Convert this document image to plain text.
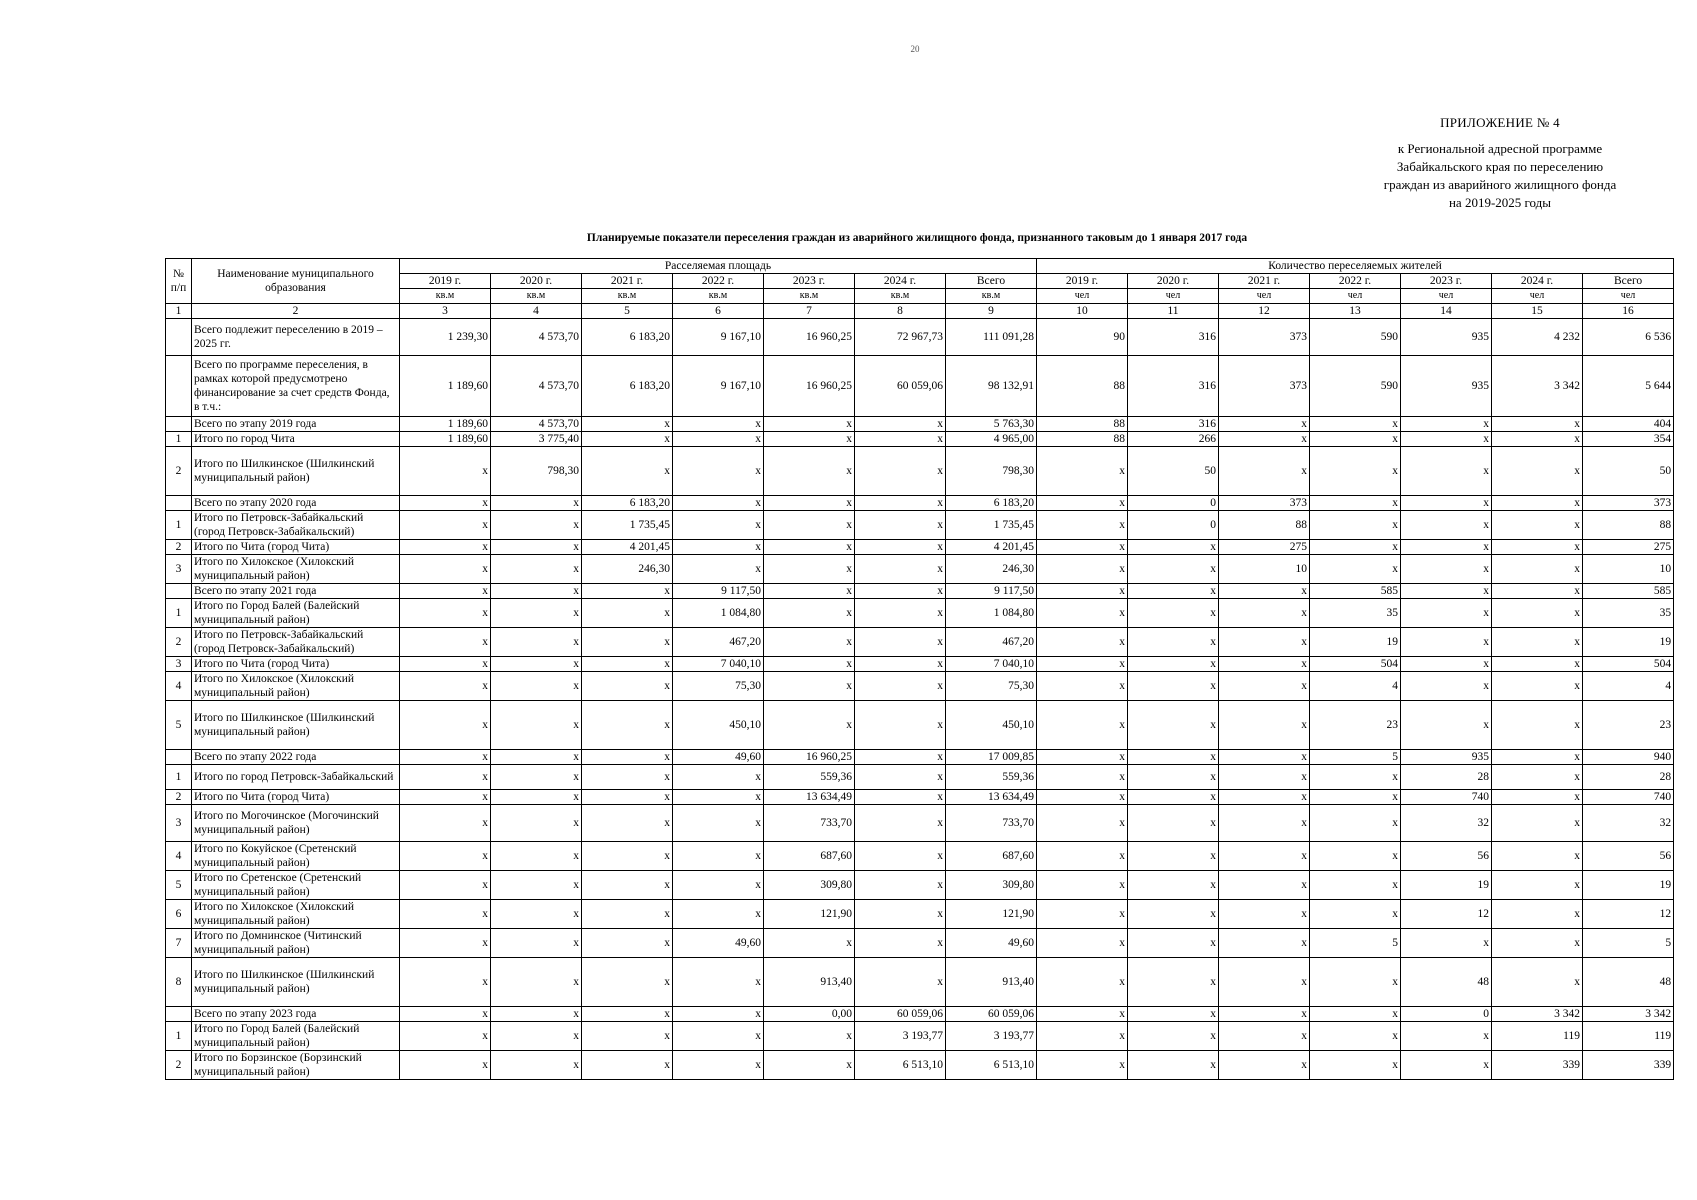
20
ПРИЛОЖЕНИЕ № 4
к Региональной адресной программе
Забайкальского края по переселению
граждан из аварийного жилищного фонда
на 2019-2025 годы
Планируемые показатели переселения граждан из аварийного жилищного фонда, признанного таковым до 1 января 2017 года
№ п/п	Наименование муниципального образования	Расселяемая площадь							Количество переселяемых жителей						
		2019 г.	2020 г.	2021 г.	2022 г.	2023 г.	2024 г.	Всего	2019 г.	2020 г.	2021 г.	2022 г.	2023 г.	2024 г.	Всего
		кв.м	кв.м	кв.м	кв.м	кв.м	кв.м	кв.м	чел	чел	чел	чел	чел	чел	чел
1	2	3	4	5	6	7	8	9	10	11	12	13	14	15	16
	Всего подлежит переселению в 2019 – 2025 гг.	1 239,30	4 573,70	6 183,20	9 167,10	16 960,25	72 967,73	111 091,28	90	316	373	590	935	4 232	6 536
	Всего по программе переселения, в рамках которой предусмотрено финансирование за счет средств Фонда, в т.ч.:	1 189,60	4 573,70	6 183,20	9 167,10	16 960,25	60 059,06	98 132,91	88	316	373	590	935	3 342	5 644
	Всего по этапу 2019 года	1 189,60	4 573,70	x	x	x	x	5 763,30	88	316	x	x	x	x	404
1	Итого по город Чита	1 189,60	3 775,40	x	x	x	x	4 965,00	88	266	x	x	x	x	354
2	Итого по Шилкинское (Шилкинский муниципальный район)	x	798,30	x	x	x	x	798,30	x	50	x	x	x	x	50
	Всего по этапу 2020 года	x	x	6 183,20	x	x	x	6 183,20	x	0	373	x	x	x	373
1	Итого по Петровск-Забайкальский (город Петровск-Забайкальский)	x	x	1 735,45	x	x	x	1 735,45	x	0	88	x	x	x	88
2	Итого по Чита (город Чита)	x	x	4 201,45	x	x	x	4 201,45	x	x	275	x	x	x	275
3	Итого по Хилокское (Хилокский муниципальный район)	x	x	246,30	x	x	x	246,30	x	x	10	x	x	x	10
	Всего по этапу 2021 года	x	x	x	9 117,50	x	x	9 117,50	x	x	x	585	x	x	585
1	Итого по Город Балей (Балейский муниципальный район)	x	x	x	1 084,80	x	x	1 084,80	x	x	x	35	x	x	35
2	Итого по Петровск-Забайкальский (город Петровск-Забайкальский)	x	x	x	467,20	x	x	467,20	x	x	x	19	x	x	19
3	Итого по Чита (город Чита)	x	x	x	7 040,10	x	x	7 040,10	x	x	x	504	x	x	504
4	Итого по Хилокское (Хилокский муниципальный район)	x	x	x	75,30	x	x	75,30	x	x	x	4	x	x	4
5	Итого по Шилкинское (Шилкинский муниципальный район)	x	x	x	450,10	x	x	450,10	x	x	x	23	x	x	23
	Всего по этапу 2022 года	x	x	x	49,60	16 960,25	x	17 009,85	x	x	x	5	935	x	940
1	Итого по город Петровск-Забайкальский	x	x	x	x	559,36	x	559,36	x	x	x	x	28	x	28
2	Итого по Чита (город Чита)	x	x	x	x	13 634,49	x	13 634,49	x	x	x	x	740	x	740
3	Итого по Могочинское (Могочинский муниципальный район)	x	x	x	x	733,70	x	733,70	x	x	x	x	32	x	32
4	Итого по Кокуйское (Сретенский муниципальный район)	x	x	x	x	687,60	x	687,60	x	x	x	x	56	x	56
5	Итого по Сретенское (Сретенский муниципальный район)	x	x	x	x	309,80	x	309,80	x	x	x	x	19	x	19
6	Итого по Хилокское (Хилокский муниципальный район)	x	x	x	x	121,90	x	121,90	x	x	x	x	12	x	12
7	Итого по Домнинское (Читинский муниципальный район)	x	x	x	49,60	x	x	49,60	x	x	x	5	x	x	5
8	Итого по Шилкинское (Шилкинский муниципальный район)	x	x	x	x	913,40	x	913,40	x	x	x	x	48	x	48
	Всего по этапу 2023 года	x	x	x	x	0,00	60 059,06	60 059,06	x	x	x	x	0	3 342	3 342
1	Итого по Город Балей (Балейский муниципальный район)	x	x	x	x	x	3 193,77	3 193,77	x	x	x	x	x	119	119
2	Итого по Борзинское (Борзинский муниципальный район)	x	x	x	x	x	6 513,10	6 513,10	x	x	x	x	x	339	339
